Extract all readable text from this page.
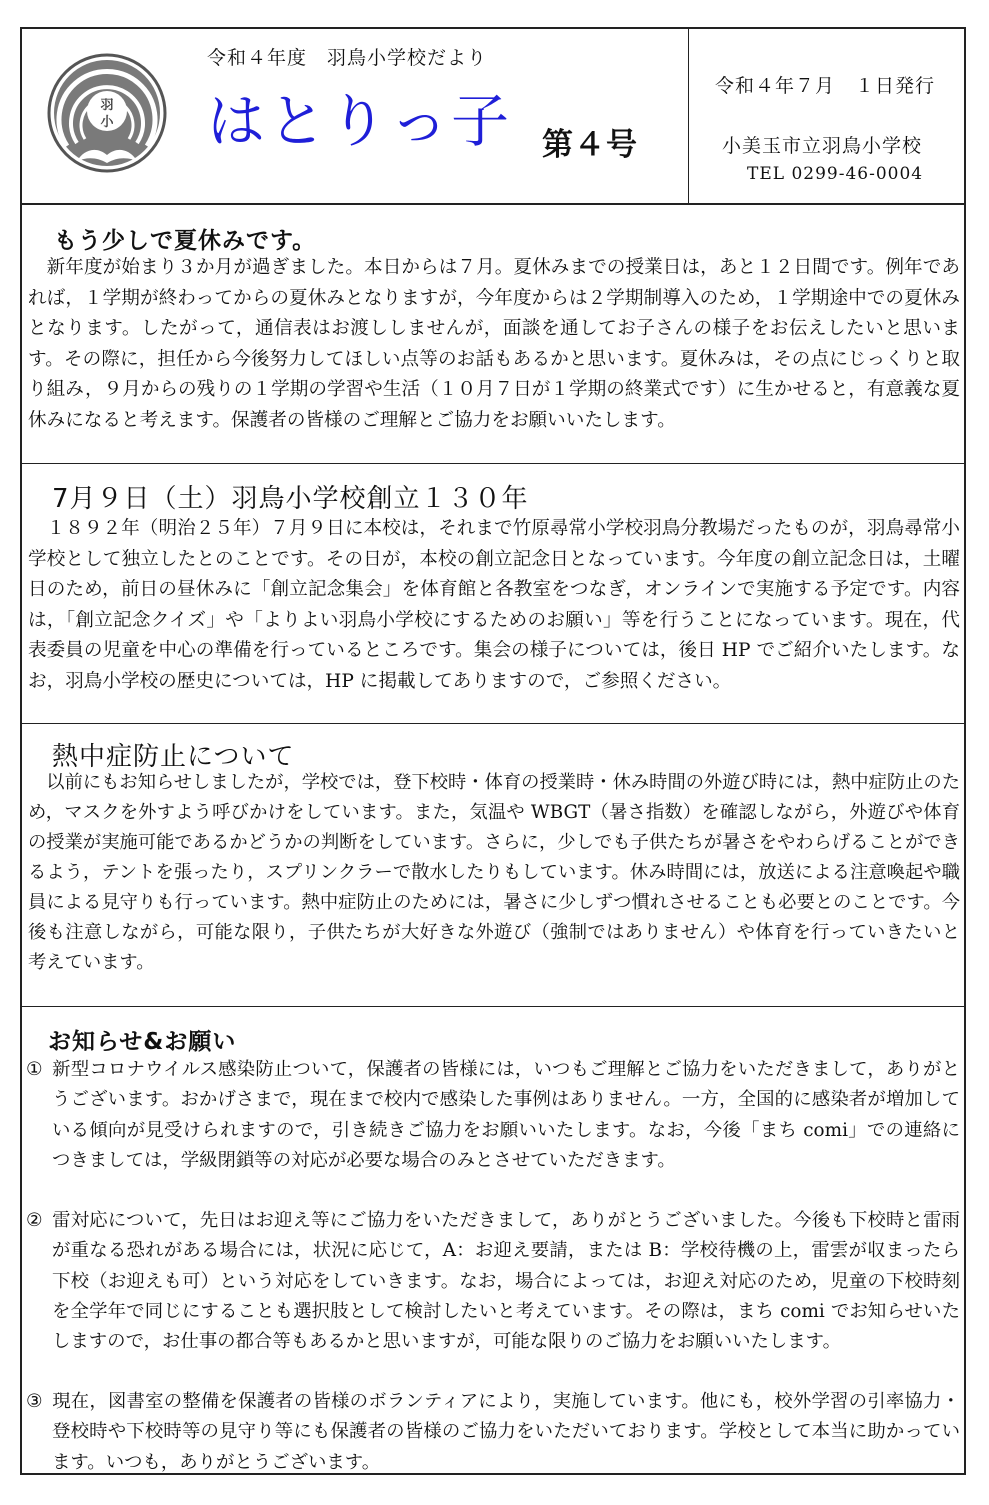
羽
小
令和４年度　羽鳥小学校だより
はとりっ子 第４号
令和４年７月　１日発行
小美玉市立羽鳥小学校
TEL 0299-46-0004
もう少しで夏休みです。

新年度が始まり３か月が過ぎました。本日からは７月。夏休みまでの授業日は，あと１２日間です。例年であれば，１学期が終わってからの夏休みとなりますが，今年度からは２学期制導入のため，１学期途中での夏休みとなります。したがって，通信表はお渡ししませんが，面談を通してお子さんの様子をお伝えしたいと思います。その際に，担任から今後努力してほしい点等のお話もあるかと思います。夏休みは，その点にじっくりと取り組み，９月からの残りの１学期の学習や生活（１０月７日が１学期の終業式です）に生かせると，有意義な夏休みになると考えます。保護者の皆様のご理解とご協力をお願いいたします。

7月９日（土）羽鳥小学校創立１３０年

１８９２年（明治２５年）７月９日に本校は，それまで竹原尋常小学校羽鳥分教場だったものが，羽鳥尋常小学校として独立したとのことです。その日が，本校の創立記念日となっています。今年度の創立記念日は，土曜日のため，前日の昼休みに「創立記念集会」を体育館と各教室をつなぎ，オンラインで実施する予定です。内容は，「創立記念クイズ」や「よりよい羽鳥小学校にするためのお願い」等を行うことになっています。現在，代表委員の児童を中心の準備を行っているところです。集会の様子については，後日 HP でご紹介いたします。なお，羽鳥小学校の歴史については，HP に掲載してありますので，ご参照ください。

熱中症防止について

以前にもお知らせしましたが，学校では，登下校時・体育の授業時・休み時間の外遊び時には，熱中症防止のため，マスクを外すよう呼びかけをしています。また，気温や WBGT（暑さ指数）を確認しながら，外遊びや体育の授業が実施可能であるかどうかの判断をしています。さらに，少しでも子供たちが暑さをやわらげることができるよう，テントを張ったり，スプリンクラーで散水したりもしています。休み時間には，放送による注意喚起や職員による見守りも行っています。熱中症防止のためには，暑さに少しずつ慣れさせることも必要とのことです。今後も注意しながら，可能な限り，子供たちが大好きな外遊び（強制ではありません）や体育を行っていきたいと考えています。

お知らせ&お願い

① 新型コロナウイルス感染防止ついて，保護者の皆様には，いつもご理解とご協力をいただきまして，ありがとうございます。おかげさまで，現在まで校内で感染した事例はありません。一方，全国的に感染者が増加している傾向が見受けられますので，引き続きご協力をお願いいたします。なお，今後「まち comi」での連絡につきましては，学級閉鎖等の対応が必要な場合のみとさせていただきます。

② 雷対応について，先日はお迎え等にご協力をいただきまして，ありがとうございました。今後も下校時と雷雨が重なる恐れがある場合には，状況に応じて，A：お迎え要請，または B：学校待機の上，雷雲が収まったら下校（お迎えも可）という対応をしていきます。なお，場合によっては，お迎え対応のため，児童の下校時刻を全学年で同じにすることも選択肢として検討したいと考えています。その際は，まち comi でお知らせいたしますので，お仕事の都合等もあるかと思いますが，可能な限りのご協力をお願いいたします。

③ 現在，図書室の整備を保護者の皆様のボランティアにより，実施しています。他にも，校外学習の引率協力・登校時や下校時等の見守り等にも保護者の皆様のご協力をいただいております。学校として本当に助かっています。いつも，ありがとうございます。
